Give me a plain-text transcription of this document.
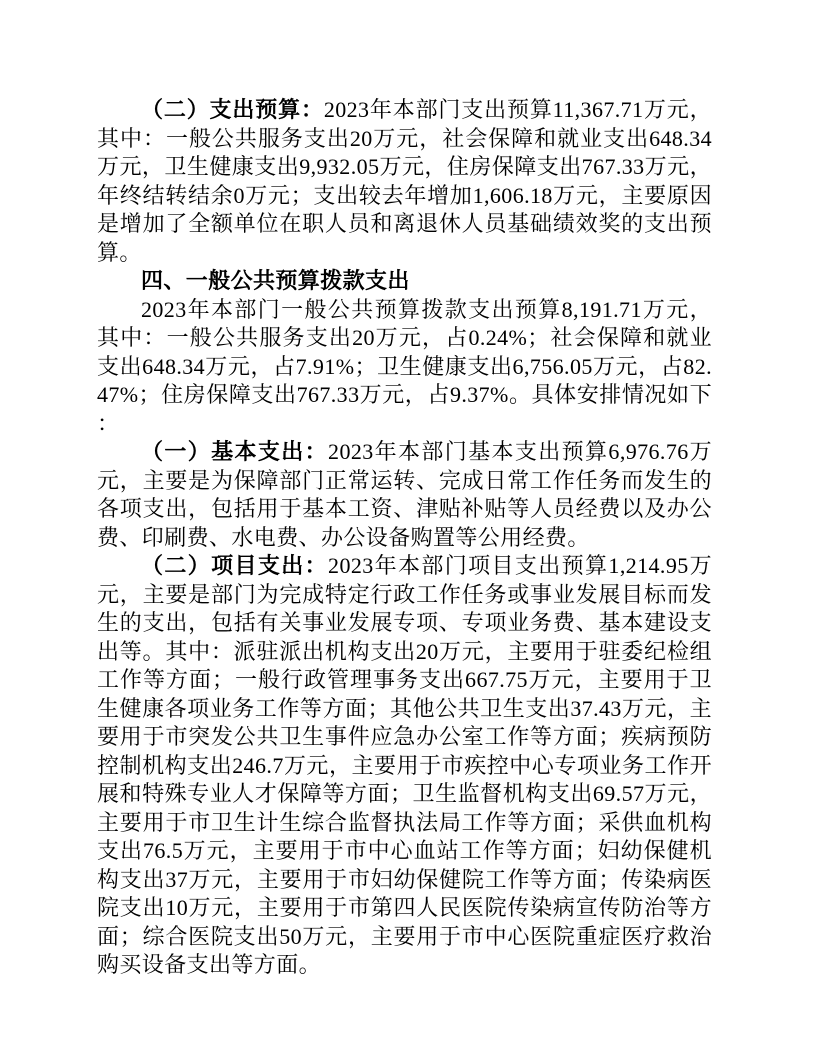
（二）支出预算：2023年本部门支出预算11,367.71万元，其中：一般公共服务支出20万元，社会保障和就业支出648.34万元，卫生健康支出9,932.05万元，住房保障支出767.33万元，年终结转结余0万元；支出较去年增加1,606.18万元，主要原因是增加了全额单位在职人员和离退休人员基础绩效奖的支出预算。

四、一般公共预算拨款支出

2023年本部门一般公共预算拨款支出预算8,191.71万元，其中：一般公共服务支出20万元，占0.24%；社会保障和就业支出648.34万元，占7.91%；卫生健康支出6,756.05万元，占82.47%；住房保障支出767.33万元，占9.37%。具体安排情况如下：

（一）基本支出：2023年本部门基本支出预算6,976.76万元，主要是为保障部门正常运转、完成日常工作任务而发生的各项支出，包括用于基本工资、津贴补贴等人员经费以及办公费、印刷费、水电费、办公设备购置等公用经费。

（二）项目支出：2023年本部门项目支出预算1,214.95万元，主要是部门为完成特定行政工作任务或事业发展目标而发生的支出，包括有关事业发展专项、专项业务费、基本建设支出等。其中：派驻派出机构支出20万元，主要用于驻委纪检组工作等方面；一般行政管理事务支出667.75万元，主要用于卫生健康各项业务工作等方面；其他公共卫生支出37.43万元，主要用于市突发公共卫生事件应急办公室工作等方面；疾病预防控制机构支出246.7万元，主要用于市疾控中心专项业务工作开展和特殊专业人才保障等方面；卫生监督机构支出69.57万元，主要用于市卫生计生综合监督执法局工作等方面；采供血机构支出76.5万元，主要用于市中心血站工作等方面；妇幼保健机构支出37万元，主要用于市妇幼保健院工作等方面；传染病医院支出10万元，主要用于市第四人民医院传染病宣传防治等方面；综合医院支出50万元，主要用于市中心医院重症医疗救治购买设备支出等方面。
